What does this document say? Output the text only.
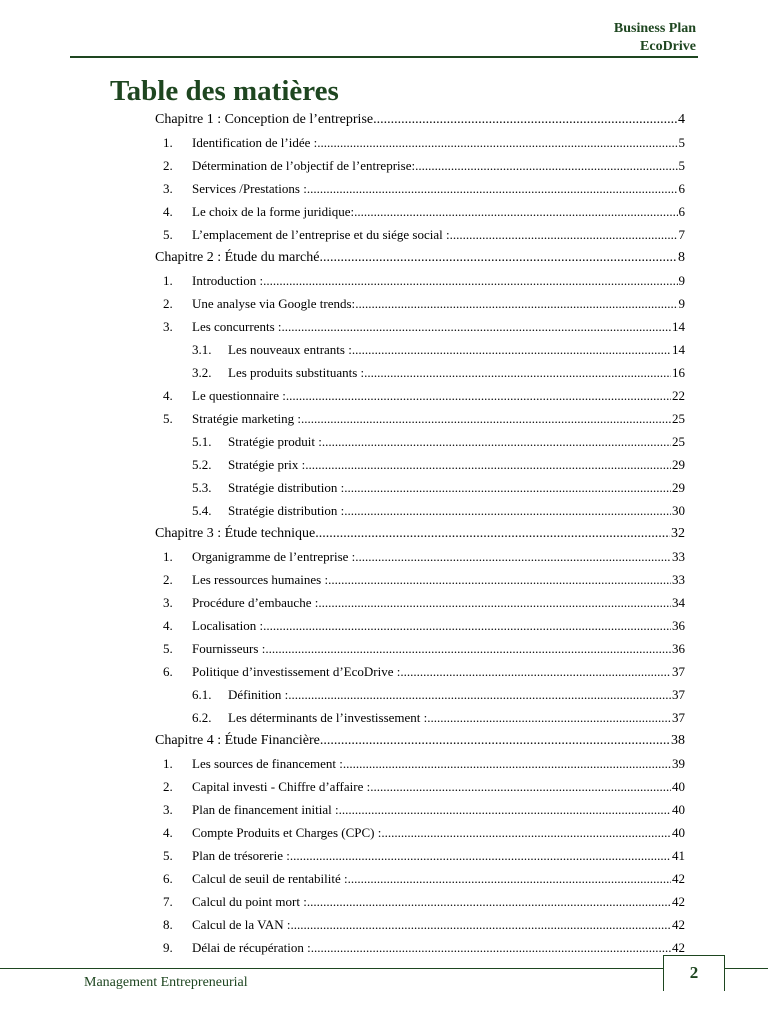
Business Plan
EcoDrive
Table des matières
Chapitre 1 : Conception de l’entreprise .....	4
1.	Identification de l’idée : .....	5
2.	Détermination de l’objectif de l’entreprise: .....	5
3.	Services /Prestations : .....	6
4.	Le choix de la forme juridique: .....	6
5.	L’emplacement de l’entreprise et du siége social : .....	7
Chapitre 2 : Étude du marché .....	8
1.	Introduction : .....	9
2.	Une analyse via Google trends: .....	9
3.	Les concurrents : .....	14
3.1.	Les nouveaux entrants : .....	14
3.2.	Les produits substituants : .....	16
4.	Le questionnaire : .....	22
5.	Stratégie marketing : .....	25
5.1.	Stratégie produit : .....	25
5.2.	Stratégie prix : .....	29
5.3.	Stratégie distribution : .....	29
5.4.	Stratégie distribution : .....	30
Chapitre 3 : Étude technique .....	32
1.	Organigramme de l’entreprise : .....	33
2.	Les ressources humaines : .....	33
3.	Procédure d’embauche : .....	34
4.	Localisation : .....	36
5.	Fournisseurs : .....	36
6.	Politique d’investissement d’EcoDrive : .....	37
6.1.	Définition : .....	37
6.2.	Les déterminants de l’investissement : .....	37
Chapitre 4 : Étude Financière .....	38
1.	Les sources de financement : .....	39
2.	Capital investi - Chiffre d’affaire : .....	40
3.	Plan de financement initial : .....	40
4.	Compte Produits et Charges (CPC) : .....	40
5.	Plan de trésorerie : .....	41
6.	Calcul de seuil de rentabilité : .....	42
7.	Calcul du point mort : .....	42
8.	Calcul de la VAN : .....	42
9.	Délai de récupération : .....	42
2
Management Entrepreneurial
